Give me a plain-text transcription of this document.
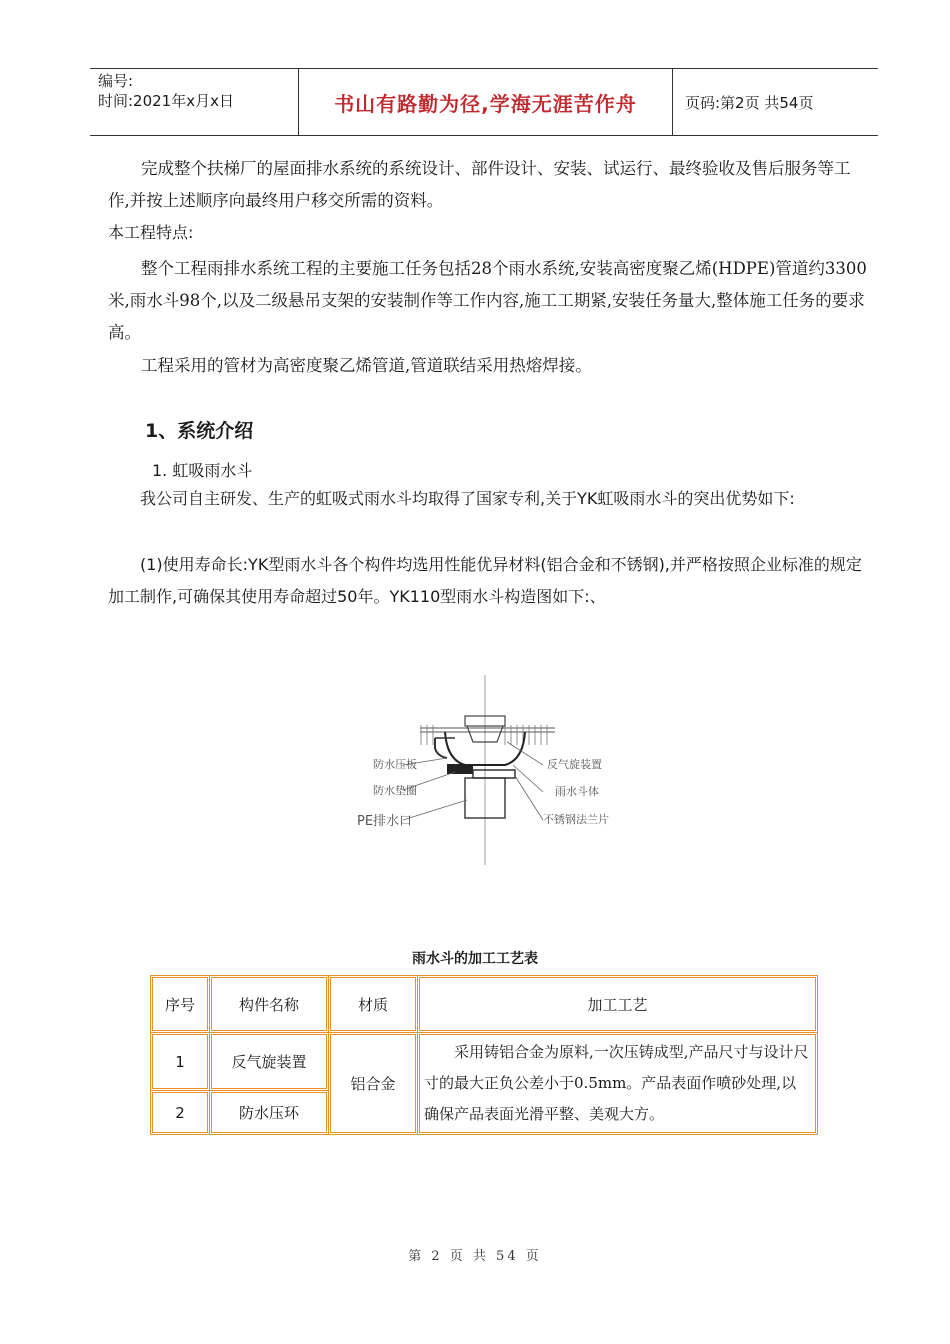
编号:
时间:2021年x月x日	书山有路勤为径,学海无涯苦作舟	页码:第2页 共54页

　　完成整个扶梯厂的屋面排水系统的系统设计、部件设计、安装、试运行、最终验收及售后服务等工作,并按上述顺序向最终用户移交所需的资料。

本工程特点:

　　整个工程雨排水系统工程的主要施工任务包括28个雨水系统,安装高密度聚乙烯(HDPE)管道约3300米,雨水斗98个,以及二级悬吊支架的安装制作等工作内容,施工工期紧,安装任务量大,整体施工任务的要求高。

　　工程采用的管材为高密度聚乙烯管道,管道联结采用热熔焊接。

1、系统介绍
1. 虹吸雨水斗

　　我公司自主研发、生产的虹吸式雨水斗均取得了国家专利,关于YK虹吸雨水斗的突出优势如下:

　　(1)使用寿命长:YK型雨水斗各个构件均选用性能优异材料(铝合金和不锈钢),并严格按照企业标准的规定加工制作,可确保其使用寿命超过50年。YK110型雨水斗构造图如下:、

防水压板
防水垫圈
PE排水口
反气旋装置
雨水斗体
不锈钢法兰片
雨水斗的加工工艺表
序号	构件名称	材质	加工工艺
1	反气旋装置	铝合金	　　采用铸铝合金为原料,一次压铸成型,产品尺寸与设计尺寸的最大正负公差小于0.5mm。产品表面作喷砂处理,以确保产品表面光滑平整、美观大方。
2	防水压环		
第 2 页 共 54 页
